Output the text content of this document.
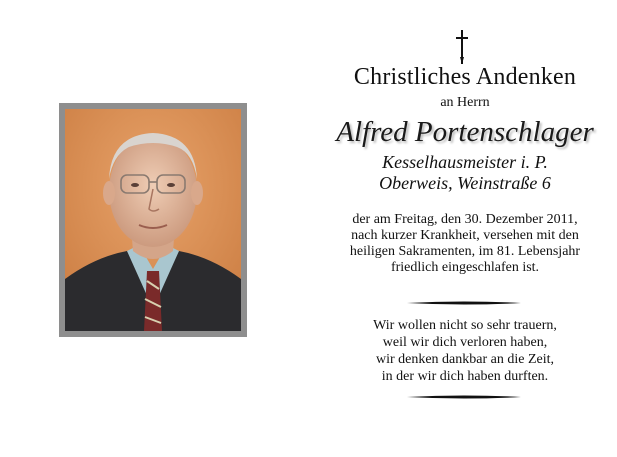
Christliches Andenken
an Herrn
Alfred Portenschlager
Kesselhausmeister i. P.
Oberweis, Weinstraße 6
der am Freitag, den 30. Dezember 2011,
nach kurzer Krankheit, versehen mit den
heiligen Sakramenten, im 81. Lebensjahr
friedlich eingeschlafen ist.
Wir wollen nicht so sehr trauern,
weil wir dich verloren haben,
wir denken dankbar an die Zeit,
in der wir dich haben durften.
